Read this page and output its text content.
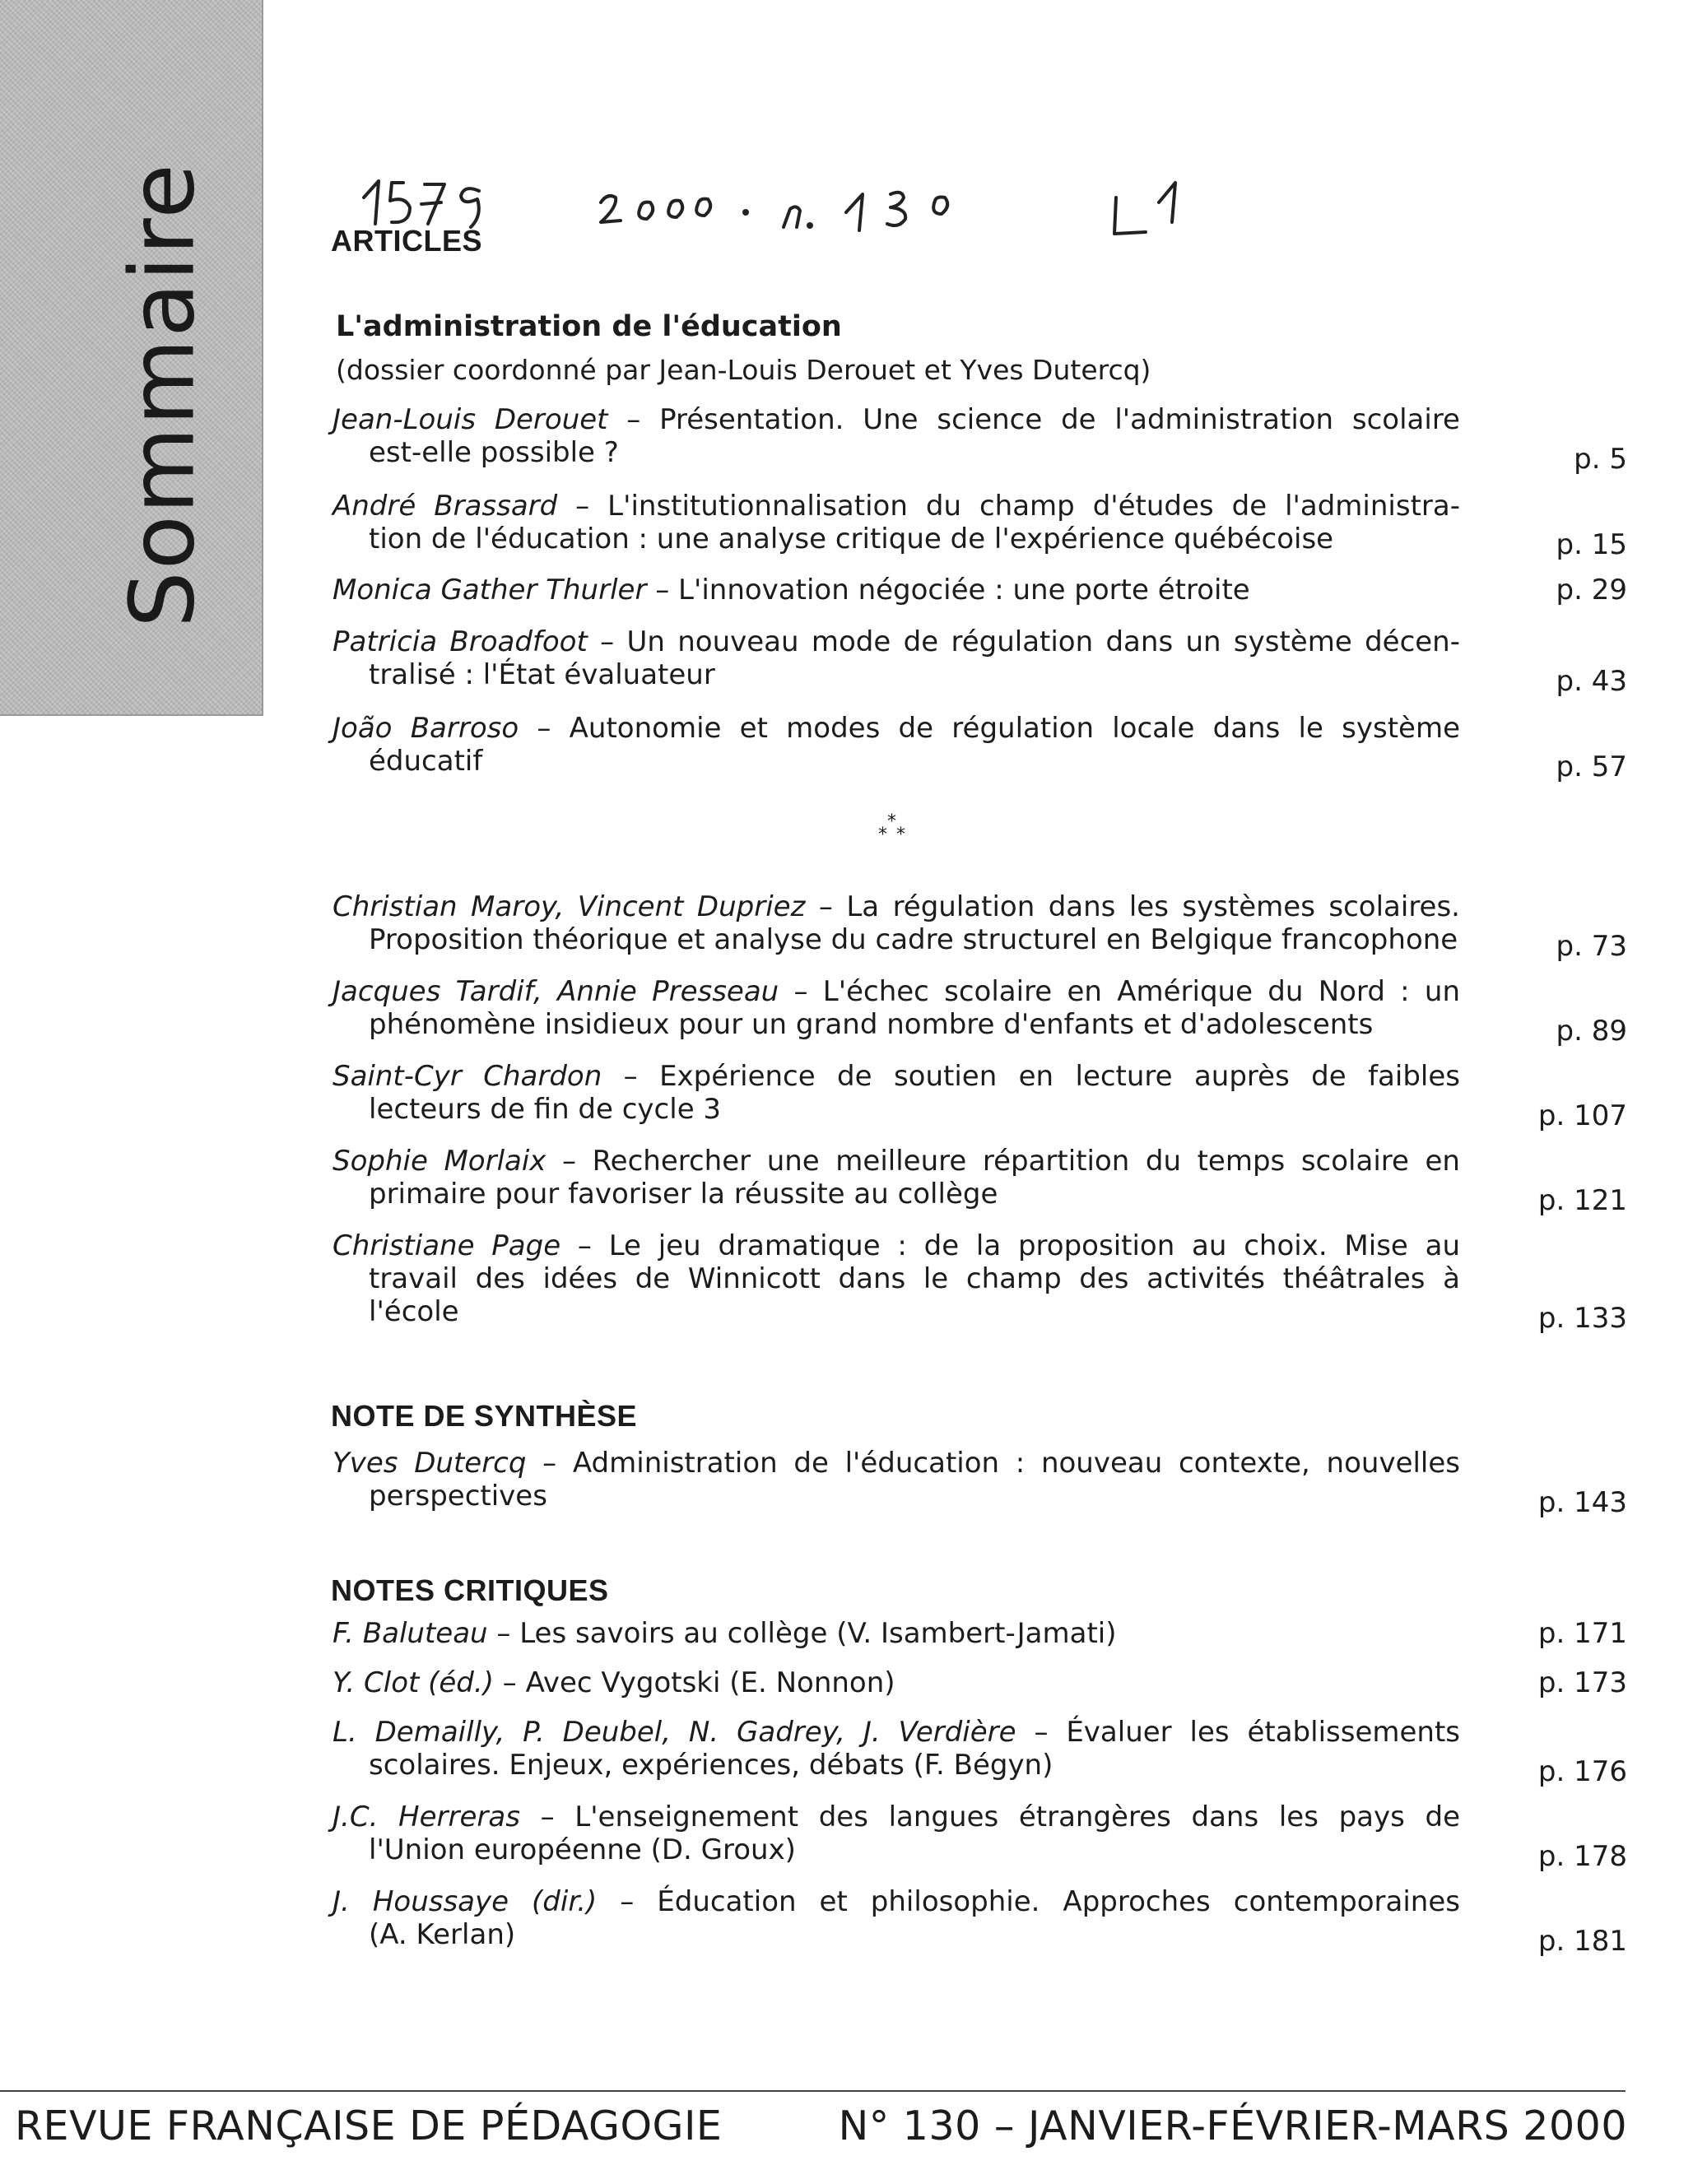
Sommaire	ARTICLES
L'administration de l'éducation
(dossier coordonné par Jean-Louis Derouet et Yves Dutercq)
Jean-Louis Derouet – Présentation. Une science de l'administration scolaire
est-elle possible ?	p. 5
André Brassard – L'institutionnalisation du champ d'études de l'administra-
tion de l'éducation : une analyse critique de l'expérience québécoise	p. 15
Monica Gather Thurler – L'innovation négociée : une porte étroite	p. 29
Patricia Broadfoot – Un nouveau mode de régulation dans un système décen-
tralisé : l'État évaluateur	p. 43
João Barroso – Autonomie et modes de régulation locale dans le système
éducatif	p. 57
Christian Maroy, Vincent Dupriez – La régulation dans les systèmes scolaires.
Proposition théorique et analyse du cadre structurel en Belgique francophone	p. 73
Jacques Tardif, Annie Presseau – L'échec scolaire en Amérique du Nord : un
phénomène insidieux pour un grand nombre d'enfants et d'adolescents	p. 89
Saint-Cyr Chardon – Expérience de soutien en lecture auprès de faibles
lecteurs de fin de cycle 3	p. 107
Sophie Morlaix – Rechercher une meilleure répartition du temps scolaire en
primaire pour favoriser la réussite au collège	p. 121
Christiane Page – Le jeu dramatique : de la proposition au choix. Mise au
travail des idées de Winnicott dans le champ des activités théâtrales à
l'école	p. 133
*
* *
NOTE DE SYNTHÈSE
Yves Dutercq – Administration de l'éducation : nouveau contexte, nouvelles
perspectives	p. 143
NOTES CRITIQUES
F. Baluteau – Les savoirs au collège (V. Isambert-Jamati)	p. 171
Y. Clot (éd.) – Avec Vygotski (E. Nonnon)	p. 173
L. Demailly, P. Deubel, N. Gadrey, J. Verdière – Évaluer les établissements
scolaires. Enjeux, expériences, débats (F. Bégyn)	p. 176
J.C. Herreras – L'enseignement des langues étrangères dans les pays de
l'Union européenne (D. Groux)	p. 178
J. Houssaye (dir.) – Éducation et philosophie. Approches contemporaines
(A. Kerlan)	p. 181
REVUE FRANÇAISE DE PÉDAGOGIE	N° 130 – JANVIER-FÉVRIER-MARS 2000
